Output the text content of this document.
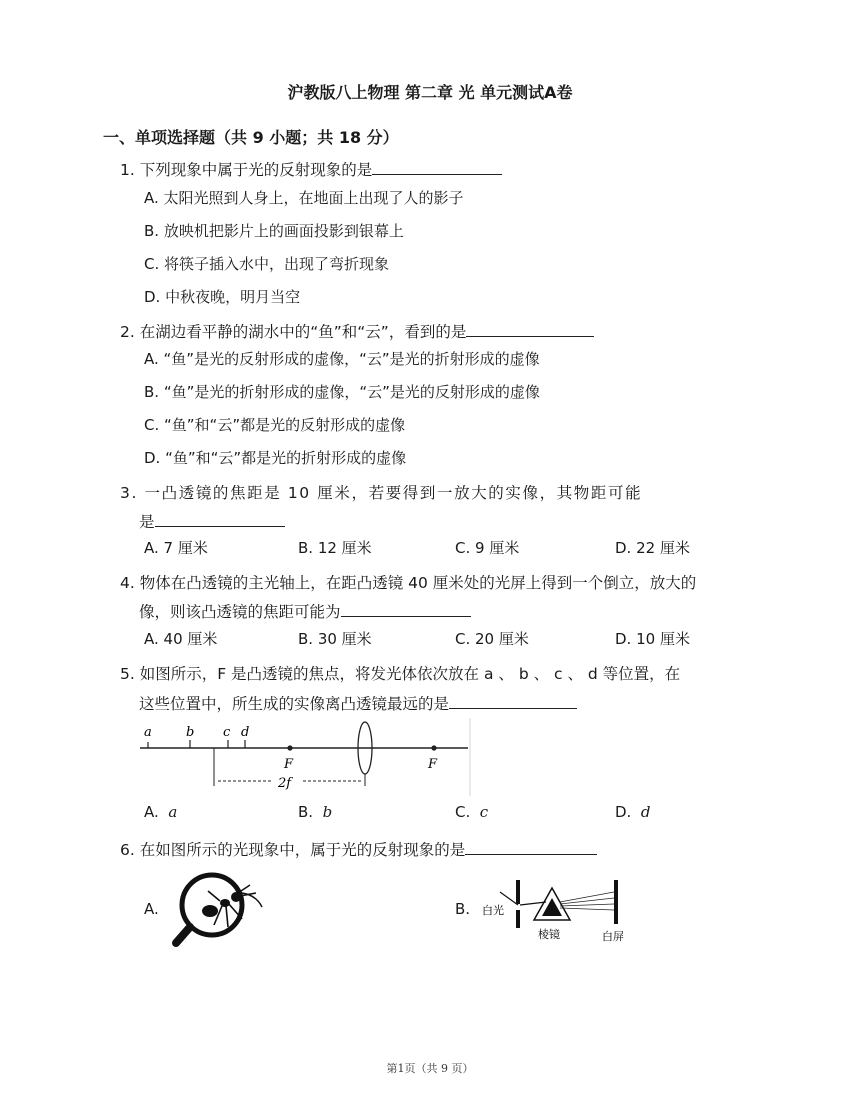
沪教版八上物理 第二章 光 单元测试A卷
一、单项选择题（共 9 小题；共 18 分）
1. 下列现象中属于光的反射现象的是
A. 太阳光照到人身上，在地面上出现了人的影子
B. 放映机把影片上的画面投影到银幕上
C. 将筷子插入水中，出现了弯折现象
D. 中秋夜晚，明月当空
2. 在湖边看平静的湖水中的“鱼”和“云”，看到的是
A. “鱼”是光的反射形成的虚像，“云”是光的折射形成的虚像
B. “鱼”是光的折射形成的虚像，“云”是光的反射形成的虚像
C. “鱼”和“云”都是光的反射形成的虚像
D. “鱼”和“云”都是光的折射形成的虚像
3. 一凸透镜的焦距是 10 厘米，若要得到一放大的实像，其物距可能
是
A. 7 厘米	B. 12 厘米	C. 9 厘米	D. 22 厘米
4. 物体在凸透镜的主光轴上，在距凸透镜 40 厘米处的光屏上得到一个倒立，放大的
像，则该凸透镜的焦距可能为
A. 40 厘米	B. 30 厘米	C. 20 厘米	D. 10 厘米
5. 如图所示，F 是凸透镜的焦点，将发光体依次放在 a 、 b 、 c 、 d 等位置，在
这些位置中，所生成的实像离凸透镜最远的是
a	b c d
F	F
2f
A. a	B. b	C. c	D. d
6. 在如图所示的光现象中，属于光的反射现象的是
A.	B. 白光
棱镜	白屏
第1页（共 9 页）
